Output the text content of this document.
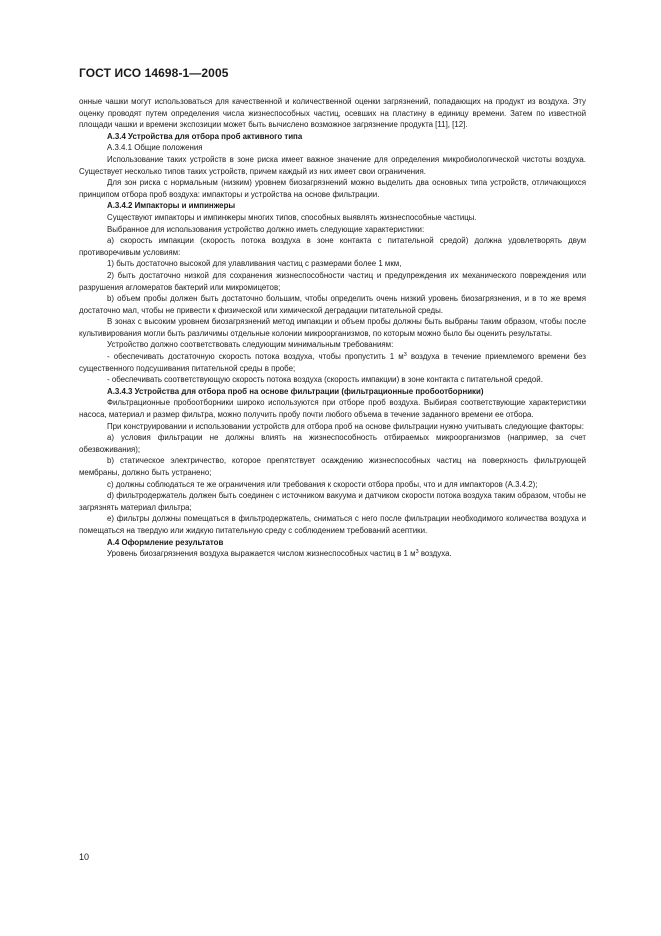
ГОСТ ИСО 14698-1—2005

онные чашки могут использоваться для качественной и количественной оценки загрязнений, попадающих на продукт из воздуха. Эту оценку проводят путем определения числа жизнеспособных частиц, осевших на пластину в единицу времени. Затем по известной площади чашки и времени экспозиции может быть вычислено возможное загрязнение продукта [11], [12].

А.3.4 Устройства для отбора проб активного типа

А.3.4.1 Общие положения

Использование таких устройств в зоне риска имеет важное значение для определения микробиологической чистоты воздуха. Существует несколько типов таких устройств, причем каждый из них имеет свои ограничения.

Для зон риска с нормальным (низким) уровнем биозагрязнений можно выделить два основных типа устройств, отличающихся принципом отбора проб воздуха: импакторы и устройства на основе фильтрации.

А.3.4.2 Импакторы и импинжеры

Существуют импакторы и импинжеры многих типов, способных выявлять жизнеспособные частицы.

Выбранное для использования устройство должно иметь следующие характеристики:

а) скорость импакции (скорость потока воздуха в зоне контакта с питательной средой) должна удовлетворять двум противоречивым условиям:

1) быть достаточно высокой для улавливания частиц с размерами более 1 мкм,

2) быть достаточно низкой для сохранения жизнеспособности частиц и предупреждения их механического повреждения или разрушения агломератов бактерий или микромицетов;

b) объем пробы должен быть достаточно большим, чтобы определить очень низкий уровень биозагрязнения, и в то же время достаточно мал, чтобы не привести к физической или химической деградации питательной среды.

В зонах с высоким уровнем биозагрязнений метод импакции и объем пробы должны быть выбраны таким образом, чтобы после культивирования могли быть различимы отдельные колонии микроорганизмов, по которым можно было бы оценить результаты.

Устройство должно соответствовать следующим минимальным требованиям:

- обеспечивать достаточную скорость потока воздуха, чтобы пропустить 1 $м^3$ воздуха в течение приемлемого времени без существенного подсушивания питательной среды в пробе;

- обеспечивать соответствующую скорость потока воздуха (скорость импакции) в зоне контакта с питательной средой.

А.3.4.3 Устройства для отбора проб на основе фильтрации (фильтрационные пробоотборники)

Фильтрационные пробоотборники широко используются при отборе проб воздуха. Выбирая соответствующие характеристики насоса, материал и размер фильтра, можно получить пробу почти любого объема в течение заданного времени ее отбора.

При конструировании и использовании устройств для отбора проб на основе фильтрации нужно учитывать следующие факторы:

а) условия фильтрации не должны влиять на жизнеспособность отбираемых микроорганизмов (например, за счет обезвоживания);

b) статическое электричество, которое препятствует осаждению жизнеспособных частиц на поверхность фильтрующей мембраны, должно быть устранено;

с) должны соблюдаться те же ограничения или требования к скорости отбора пробы, что и для импакторов (А.3.4.2);

d) фильтродержатель должен быть соединен с источником вакуума и датчиком скорости потока воздуха таким образом, чтобы не загрязнять материал фильтра;

е) фильтры должны помещаться в фильтродержатель, сниматься с него после фильтрации необходимого количества воздуха и помещаться на твердую или жидкую питательную среду с соблюдением требований асептики.

А.4 Оформление результатов

Уровень биозагрязнения воздуха выражается числом жизнеспособных частиц в 1 $м^3$ воздуха.

10
